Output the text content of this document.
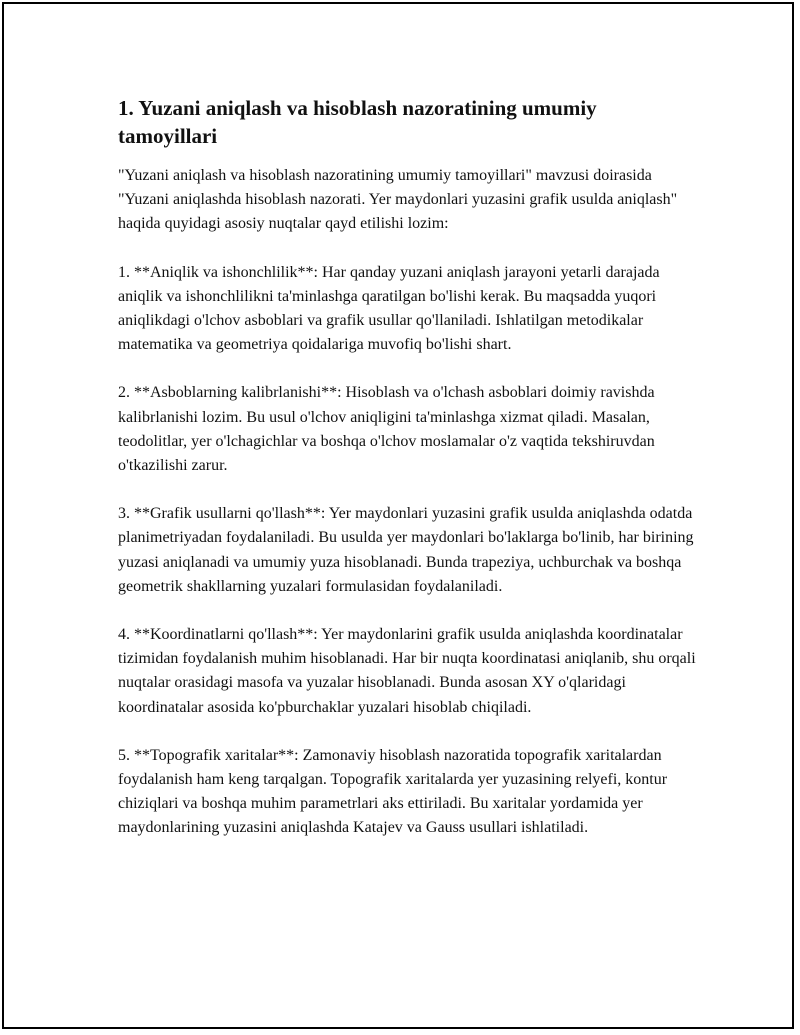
1. Yuzani aniqlash va hisoblash nazoratining umumiy tamoyillari

"Yuzani aniqlash va hisoblash nazoratining umumiy tamoyillari" mavzusi doirasida "Yuzani aniqlashda hisoblash nazorati. Yer maydonlari yuzasini grafik usulda aniqlash" haqida quyidagi asosiy nuqtalar qayd etilishi lozim:

1. **Aniqlik va ishonchlilik**: Har qanday yuzani aniqlash jarayoni yetarli darajada aniqlik va ishonchlilikni ta'minlashga qaratilgan bo'lishi kerak. Bu maqsadda yuqori aniqlikdagi o'lchov asboblari va grafik usullar qo'llaniladi. Ishlatilgan metodikalar matematika va geometriya qoidalariga muvofiq bo'lishi shart.

2. **Asboblarning kalibrlanishi**: Hisoblash va o'lchash asboblari doimiy ravishda kalibrlanishi lozim. Bu usul o'lchov aniqligini ta'minlashga xizmat qiladi. Masalan, teodolitlar, yer o'lchagichlar va boshqa o'lchov moslamalar o'z vaqtida tekshiruvdan o'tkazilishi zarur.

3. **Grafik usullarni qo'llash**: Yer maydonlari yuzasini grafik usulda aniqlashda odatda planimetriyadan foydalaniladi. Bu usulda yer maydonlari bo'laklarga bo'linib, har birining yuzasi aniqlanadi va umumiy yuza hisoblanadi. Bunda trapeziya, uchburchak va boshqa geometrik shakllarning yuzalari formulasidan foydalaniladi.

4. **Koordinatlarni qo'llash**: Yer maydonlarini grafik usulda aniqlashda koordinatalar tizimidan foydalanish muhim hisoblanadi. Har bir nuqta koordinatasi aniqlanib, shu orqali nuqtalar orasidagi masofa va yuzalar hisoblanadi. Bunda asosan XY o'qlaridagi koordinatalar asosida ko'pburchaklar yuzalari hisoblab chiqiladi.

5. **Topografik xaritalar**: Zamonaviy hisoblash nazoratida topografik xaritalardan foydalanish ham keng tarqalgan. Topografik xaritalarda yer yuzasining relyefi, kontur chiziqlari va boshqa muhim parametrlari aks ettiriladi. Bu xaritalar yordamida yer maydonlarining yuzasini aniqlashda Katajev va Gauss usullari ishlatiladi.
